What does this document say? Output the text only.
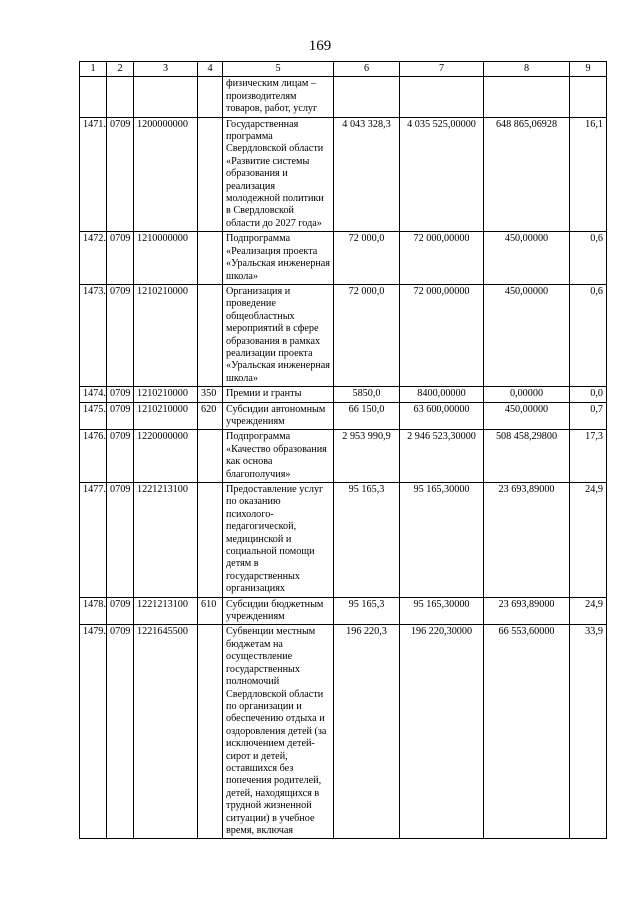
169
1	2	3	4	5	6	7	8	9
				физическим лицам – производителям товаров, работ, услуг				
1471.	0709	1200000000		Государственная программа Свердловской области «Развитие системы образования и реализация молодежной политики в Свердловской области до 2027 года»	4 043 328,3	4 035 525,00000	648 865,06928	16,1
1472.	0709	1210000000		Подпрограмма «Реализация проекта «Уральская инженерная школа»	72 000,0	72 000,00000	450,00000	0,6
1473.	0709	1210210000		Организация и проведение общеобластных мероприятий в сфере образования в рамках реализации проекта «Уральская инженерная школа»	72 000,0	72 000,00000	450,00000	0,6
1474.	0709	1210210000	350	Премии и гранты	5850,0	8400,00000	0,00000	0,0
1475.	0709	1210210000	620	Субсидии автономным учреждениям	66 150,0	63 600,00000	450,00000	0,7
1476.	0709	1220000000		Подпрограмма «Качество образования как основа благополучия»	2 953 990,9	2 946 523,30000	508 458,29800	17,3
1477.	0709	1221213100		Предоставление услуг по оказанию психолого-педагогической, медицинской и социальной помощи детям в государственных организациях	95 165,3	95 165,30000	23 693,89000	24,9
1478.	0709	1221213100	610	Субсидии бюджетным учреждениям	95 165,3	95 165,30000	23 693,89000	24,9
1479.	0709	1221645500		Субвенции местным бюджетам на осуществление государственных полномочий Свердловской области по организации и обеспечению отдыха и оздоровления детей (за исключением детей-сирот и детей, оставшихся без попечения родителей, детей, находящихся в трудной жизненной ситуации) в учебное время, включая	196 220,3	196 220,30000	66 553,60000	33,9
